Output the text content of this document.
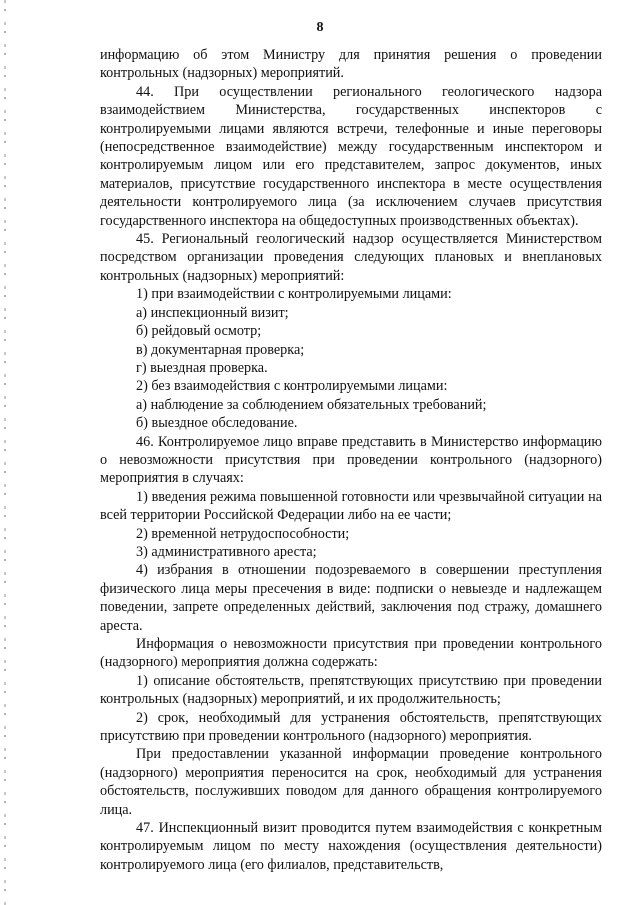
8

информацию об этом Министру для принятия решения о проведении контрольных (надзорных) мероприятий.

44. При осуществлении регионального геологического надзора взаимодействием Министерства, государственных инспекторов с контролируемыми лицами являются встречи, телефонные и иные переговоры (непосредственное взаимодействие) между государственным инспектором и контролируемым лицом или его представителем, запрос документов, иных материалов, присутствие государственного инспектора в месте осуществления деятельности контролируемого лица (за исключением случаев присутствия государственного инспектора на общедоступных производственных объектах).

45. Региональный геологический надзор осуществляется Министерством посредством организации проведения следующих плановых и внеплановых контрольных (надзорных) мероприятий:

1) при взаимодействии с контролируемыми лицами:

а) инспекционный визит;

б) рейдовый осмотр;

в) документарная проверка;

г) выездная проверка.

2) без взаимодействия с контролируемыми лицами:

а) наблюдение за соблюдением обязательных требований;

б) выездное обследование.

46. Контролируемое лицо вправе представить в Министерство информацию о невозможности присутствия при проведении контрольного (надзорного) мероприятия в случаях:

1) введения режима повышенной готовности или чрезвычайной ситуации на всей территории Российской Федерации либо на ее части;

2) временной нетрудоспособности;

3) административного ареста;

4) избрания в отношении подозреваемого в совершении преступления физического лица меры пресечения в виде: подписки о невыезде и надлежащем поведении, запрете определенных действий, заключения под стражу, домашнего ареста.

Информация о невозможности присутствия при проведении контрольного (надзорного) мероприятия должна содержать:

1) описание обстоятельств, препятствующих присутствию при проведении контрольных (надзорных) мероприятий, и их продолжительность;

2) срок, необходимый для устранения обстоятельств, препятствующих присутствию при проведении контрольного (надзорного) мероприятия.

При предоставлении указанной информации проведение контрольного (надзорного) мероприятия переносится на срок, необходимый для устранения обстоятельств, послуживших поводом для данного обращения контролируемого лица.

47. Инспекционный визит проводится путем взаимодействия с конкретным контролируемым лицом по месту нахождения (осуществления деятельности) контролируемого лица (его филиалов, представительств,
